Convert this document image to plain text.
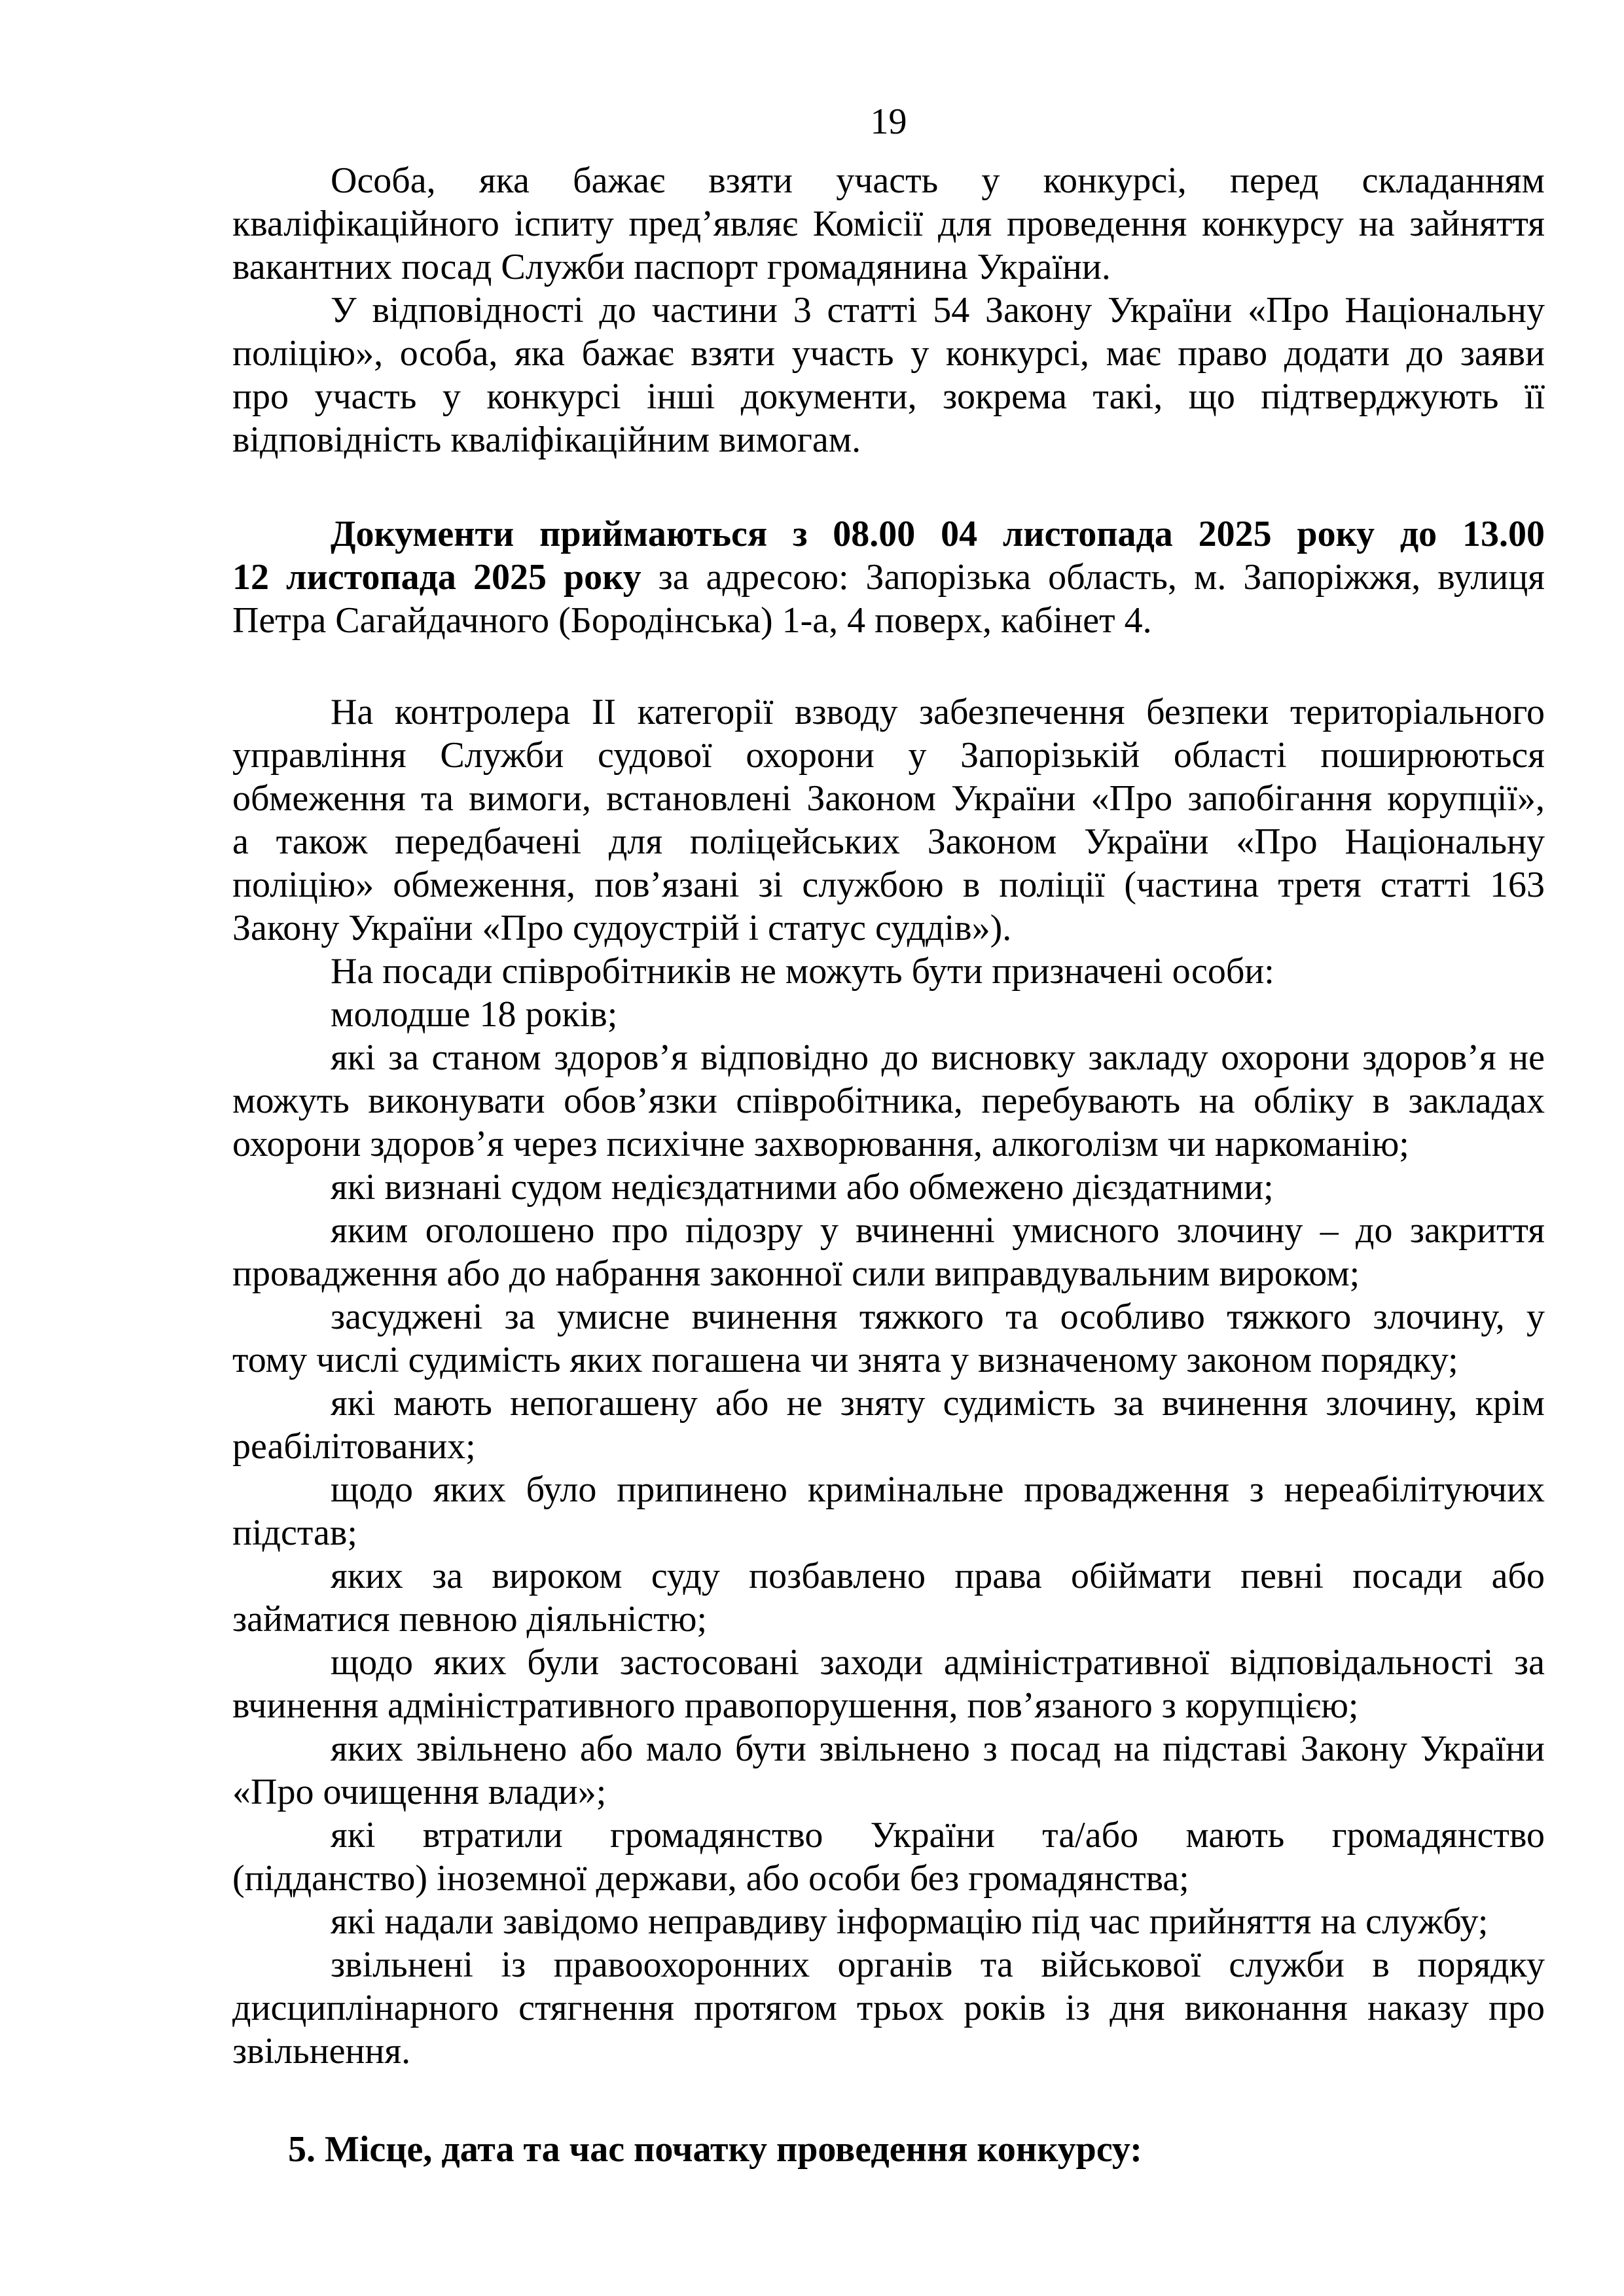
19
Особа, яка бажає взяти участь у конкурсі, перед складанням
кваліфікаційного іспиту пред’являє Комісії для проведення конкурсу на зайняття
вакантних посад Служби паспорт громадянина України.
У відповідності до частини 3 статті 54 Закону України «Про Національну
поліцію», особа, яка бажає взяти участь у конкурсі, має право додати до заяви
про участь у конкурсі інші документи, зокрема такі, що підтверджують її
відповідність кваліфікаційним вимогам.
Документи приймаються з 08.00 04 листопада 2025 року до 13.00
12 листопада 2025 року за адресою: Запорізька область, м. Запоріжжя, вулиця
Петра Сагайдачного (Бородінська) 1-а, 4 поверх, кабінет 4.
На контролера ІІ категорії взводу забезпечення безпеки територіального
управління Служби судової охорони у Запорізькій області поширюються
обмеження та вимоги, встановлені Законом України «Про запобігання корупції»,
а також передбачені для поліцейських Законом України «Про Національну
поліцію» обмеження, пов’язані зі службою в поліції (частина третя статті 163
Закону України «Про судоустрій і статус суддів»).
На посади співробітників не можуть бути призначені особи:
молодше 18 років;
які за станом здоров’я відповідно до висновку закладу охорони здоров’я не
можуть виконувати обов’язки співробітника, перебувають на обліку в закладах
охорони здоров’я через психічне захворювання, алкоголізм чи наркоманію;
які визнані судом недієздатними або обмежено дієздатними;
яким оголошено про підозру у вчиненні умисного злочину – до закриття
провадження або до набрання законної сили виправдувальним вироком;
засуджені за умисне вчинення тяжкого та особливо тяжкого злочину, у
тому числі судимість яких погашена чи знята у визначеному законом порядку;
які мають непогашену або не зняту судимість за вчинення злочину, крім
реабілітованих;
щодо яких було припинено кримінальне провадження з нереабілітуючих
підстав;
яких за вироком суду позбавлено права обіймати певні посади або
займатися певною діяльністю;
щодо яких були застосовані заходи адміністративної відповідальності за
вчинення адміністративного правопорушення, пов’язаного з корупцією;
яких звільнено або мало бути звільнено з посад на підставі Закону України
«Про очищення влади»;
які втратили громадянство України та/або мають громадянство
(підданство) іноземної держави, або особи без громадянства;
які надали завідомо неправдиву інформацію під час прийняття на службу;
звільнені із правоохоронних органів та військової служби в порядку
дисциплінарного стягнення протягом трьох років із дня виконання наказу про
звільнення.
5. Місце, дата та час початку проведення конкурсу:
